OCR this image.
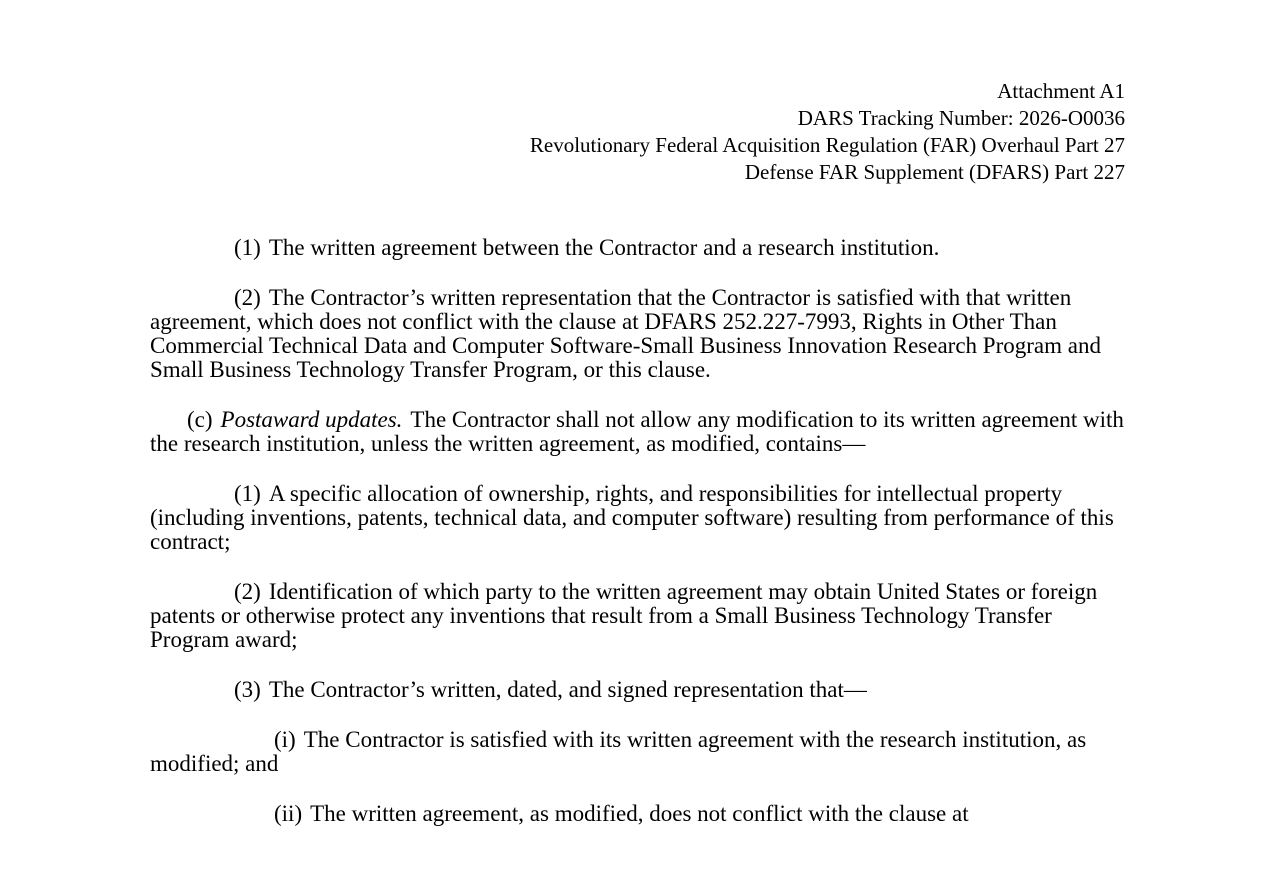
Attachment A1
DARS Tracking Number: 2026-O0036
Revolutionary Federal Acquisition Regulation (FAR) Overhaul Part 27
Defense FAR Supplement (DFARS) Part 227

(1) The written agreement between the Contractor and a research institution.

(2) The Contractor’s written representation that the Contractor is satisfied with that written agreement, which does not conflict with the clause at DFARS 252.227-7993, Rights in Other Than Commercial Technical Data and Computer Software-Small Business Innovation Research Program and Small Business Technology Transfer Program, or this clause.

(c) Postaward updates. The Contractor shall not allow any modification to its written agreement with the research institution, unless the written agreement, as modified, contains—

(1) A specific allocation of ownership, rights, and responsibilities for intellectual property (including inventions, patents, technical data, and computer software) resulting from performance of this contract;

(2) Identification of which party to the written agreement may obtain United States or foreign patents or otherwise protect any inventions that result from a Small Business Technology Transfer Program award;

(3) The Contractor’s written, dated, and signed representation that—

(i) The Contractor is satisfied with its written agreement with the research institution, as modified; and

(ii) The written agreement, as modified, does not conflict with the clause at
